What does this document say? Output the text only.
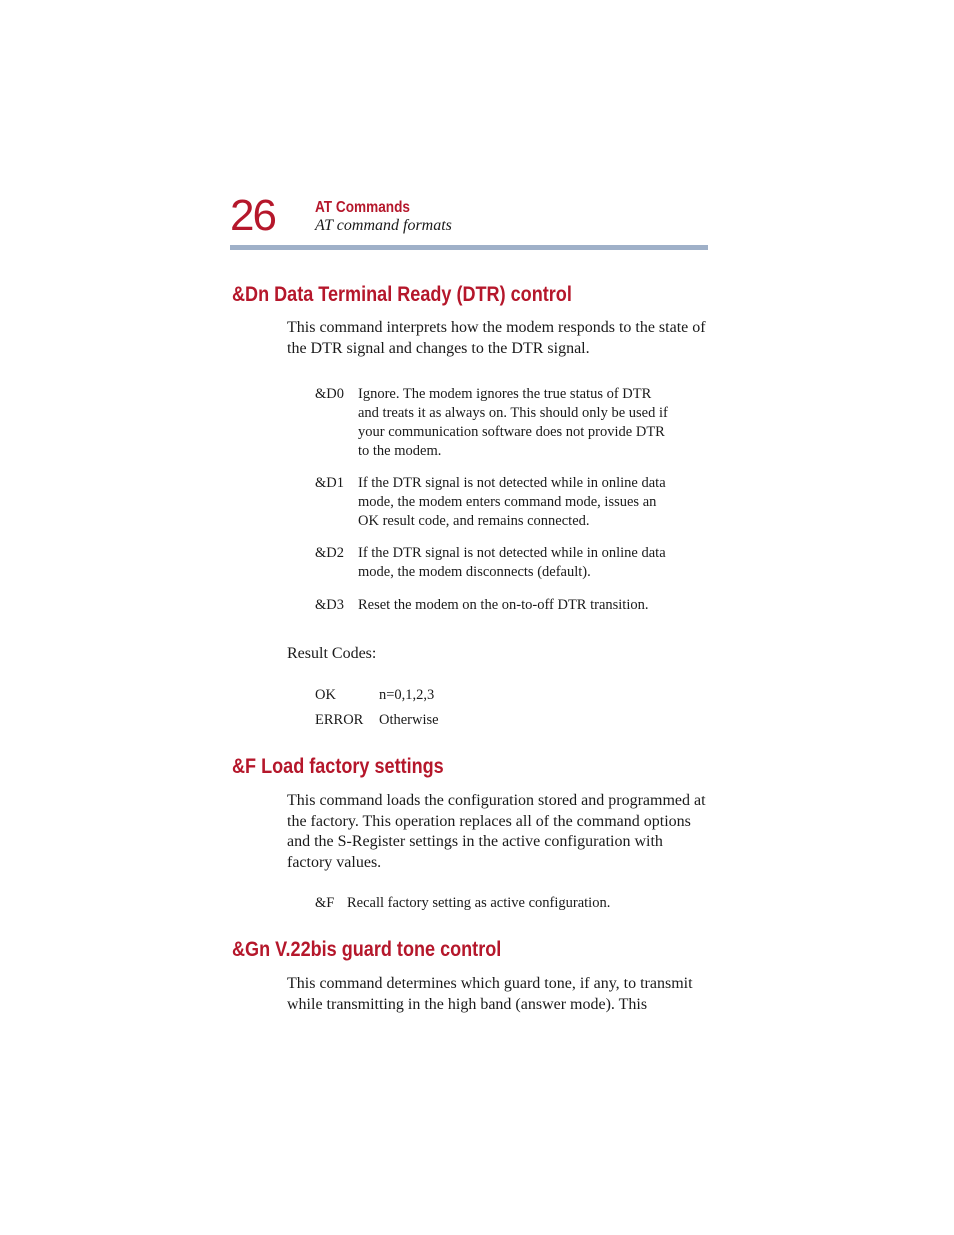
26	AT Commands
AT command formats
&Dn Data Terminal Ready (DTR) control
This command interprets how the modem responds to the state of the DTR signal and changes to the DTR signal.
&D0 Ignore. The modem ignores the true status of DTR and treats it as always on. This should only be used if your communication software does not provide DTR to the modem.
&D1 If the DTR signal is not detected while in online data mode, the modem enters command mode, issues an OK result code, and remains connected.
&D2 If the DTR signal is not detected while in online data mode, the modem disconnects (default).
&D3 Reset the modem on the on-to-off DTR transition.
Result Codes:
OK	n=0,1,2,3
ERROR Otherwise
&F Load factory settings
This command loads the configuration stored and programmed at the factory. This operation replaces all of the command options and the S-Register settings in the active configuration with factory values.
&F Recall factory setting as active configuration.
&Gn V.22bis guard tone control
This command determines which guard tone, if any, to transmit while transmitting in the high band (answer mode). This
